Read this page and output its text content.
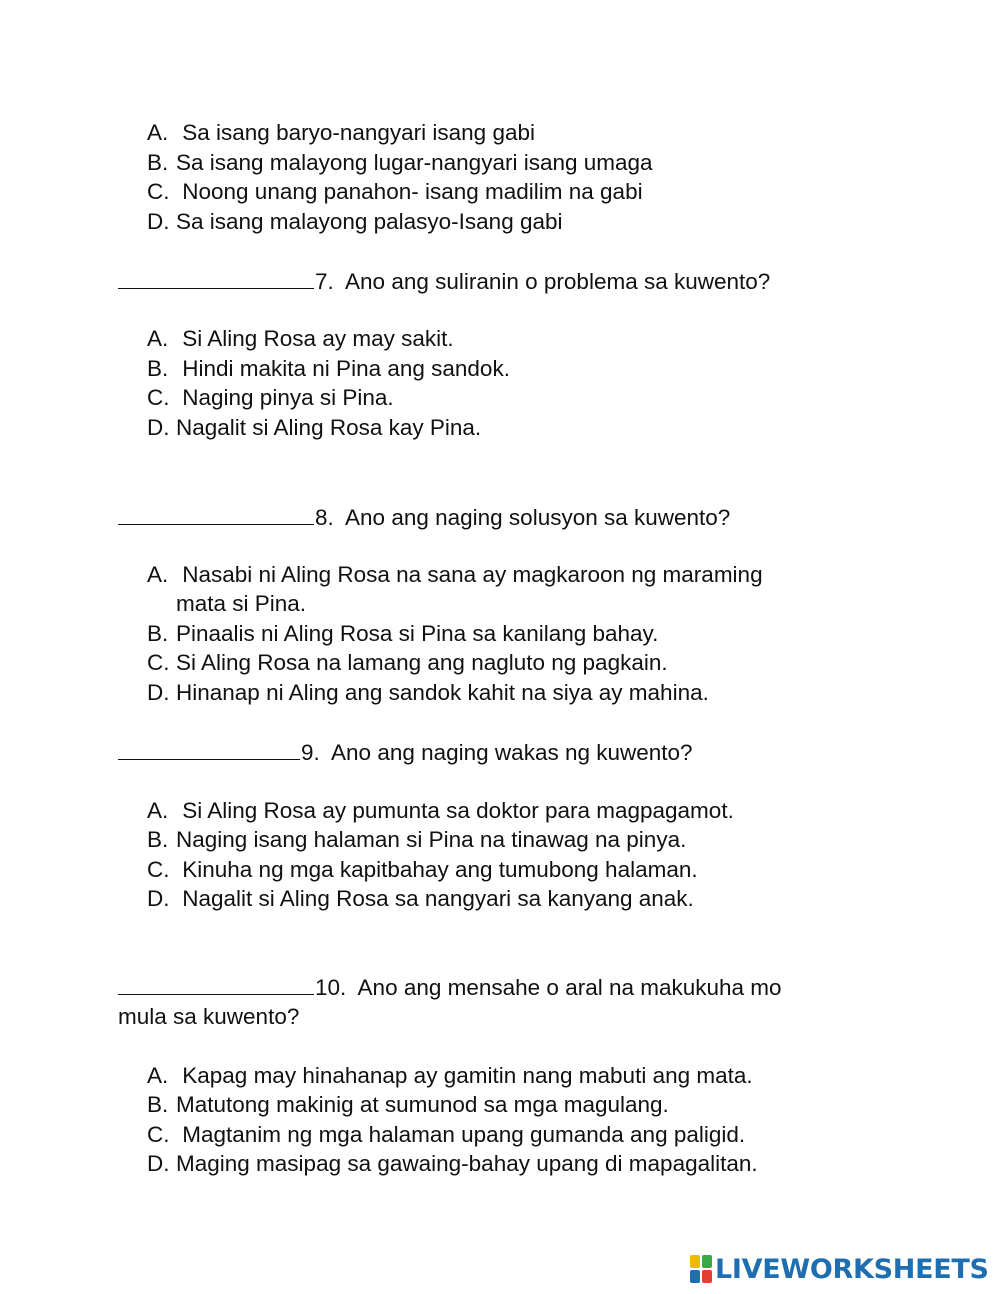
A. Sa isang baryo-nangyari isang gabi
B. Sa isang malayong lugar-nangyari isang umaga
C. Noong unang panahon- isang madilim na gabi
D. Sa isang malayong palasyo-Isang gabi
7. Ano ang suliranin o problema sa kuwento?
A. Si Aling Rosa ay may sakit.
B. Hindi makita ni Pina ang sandok.
C. Naging pinya si Pina.
D. Nagalit si Aling Rosa kay Pina.
8. Ano ang naging solusyon sa kuwento?
A. Nasabi ni Aling Rosa na sana ay magkaroon ng maraming
mata si Pina.
B. Pinaalis ni Aling Rosa si Pina sa kanilang bahay.
C. Si Aling Rosa na lamang ang nagluto ng pagkain.
D. Hinanap ni Aling ang sandok kahit na siya ay mahina.
9. Ano ang naging wakas ng kuwento?
A. Si Aling Rosa ay pumunta sa doktor para magpagamot.
B. Naging isang halaman si Pina na tinawag na pinya.
C. Kinuha ng mga kapitbahay ang tumubong halaman.
D. Nagalit si Aling Rosa sa nangyari sa kanyang anak.
10. Ano ang mensahe o aral na makukuha mo
mula sa kuwento?
A. Kapag may hinahanap ay gamitin nang mabuti ang mata.
B. Matutong makinig at sumunod sa mga magulang.
C. Magtanim ng mga halaman upang gumanda ang paligid.
D. Maging masipag sa gawaing-bahay upang di mapagalitan.
LIVEWORKSHEETS
